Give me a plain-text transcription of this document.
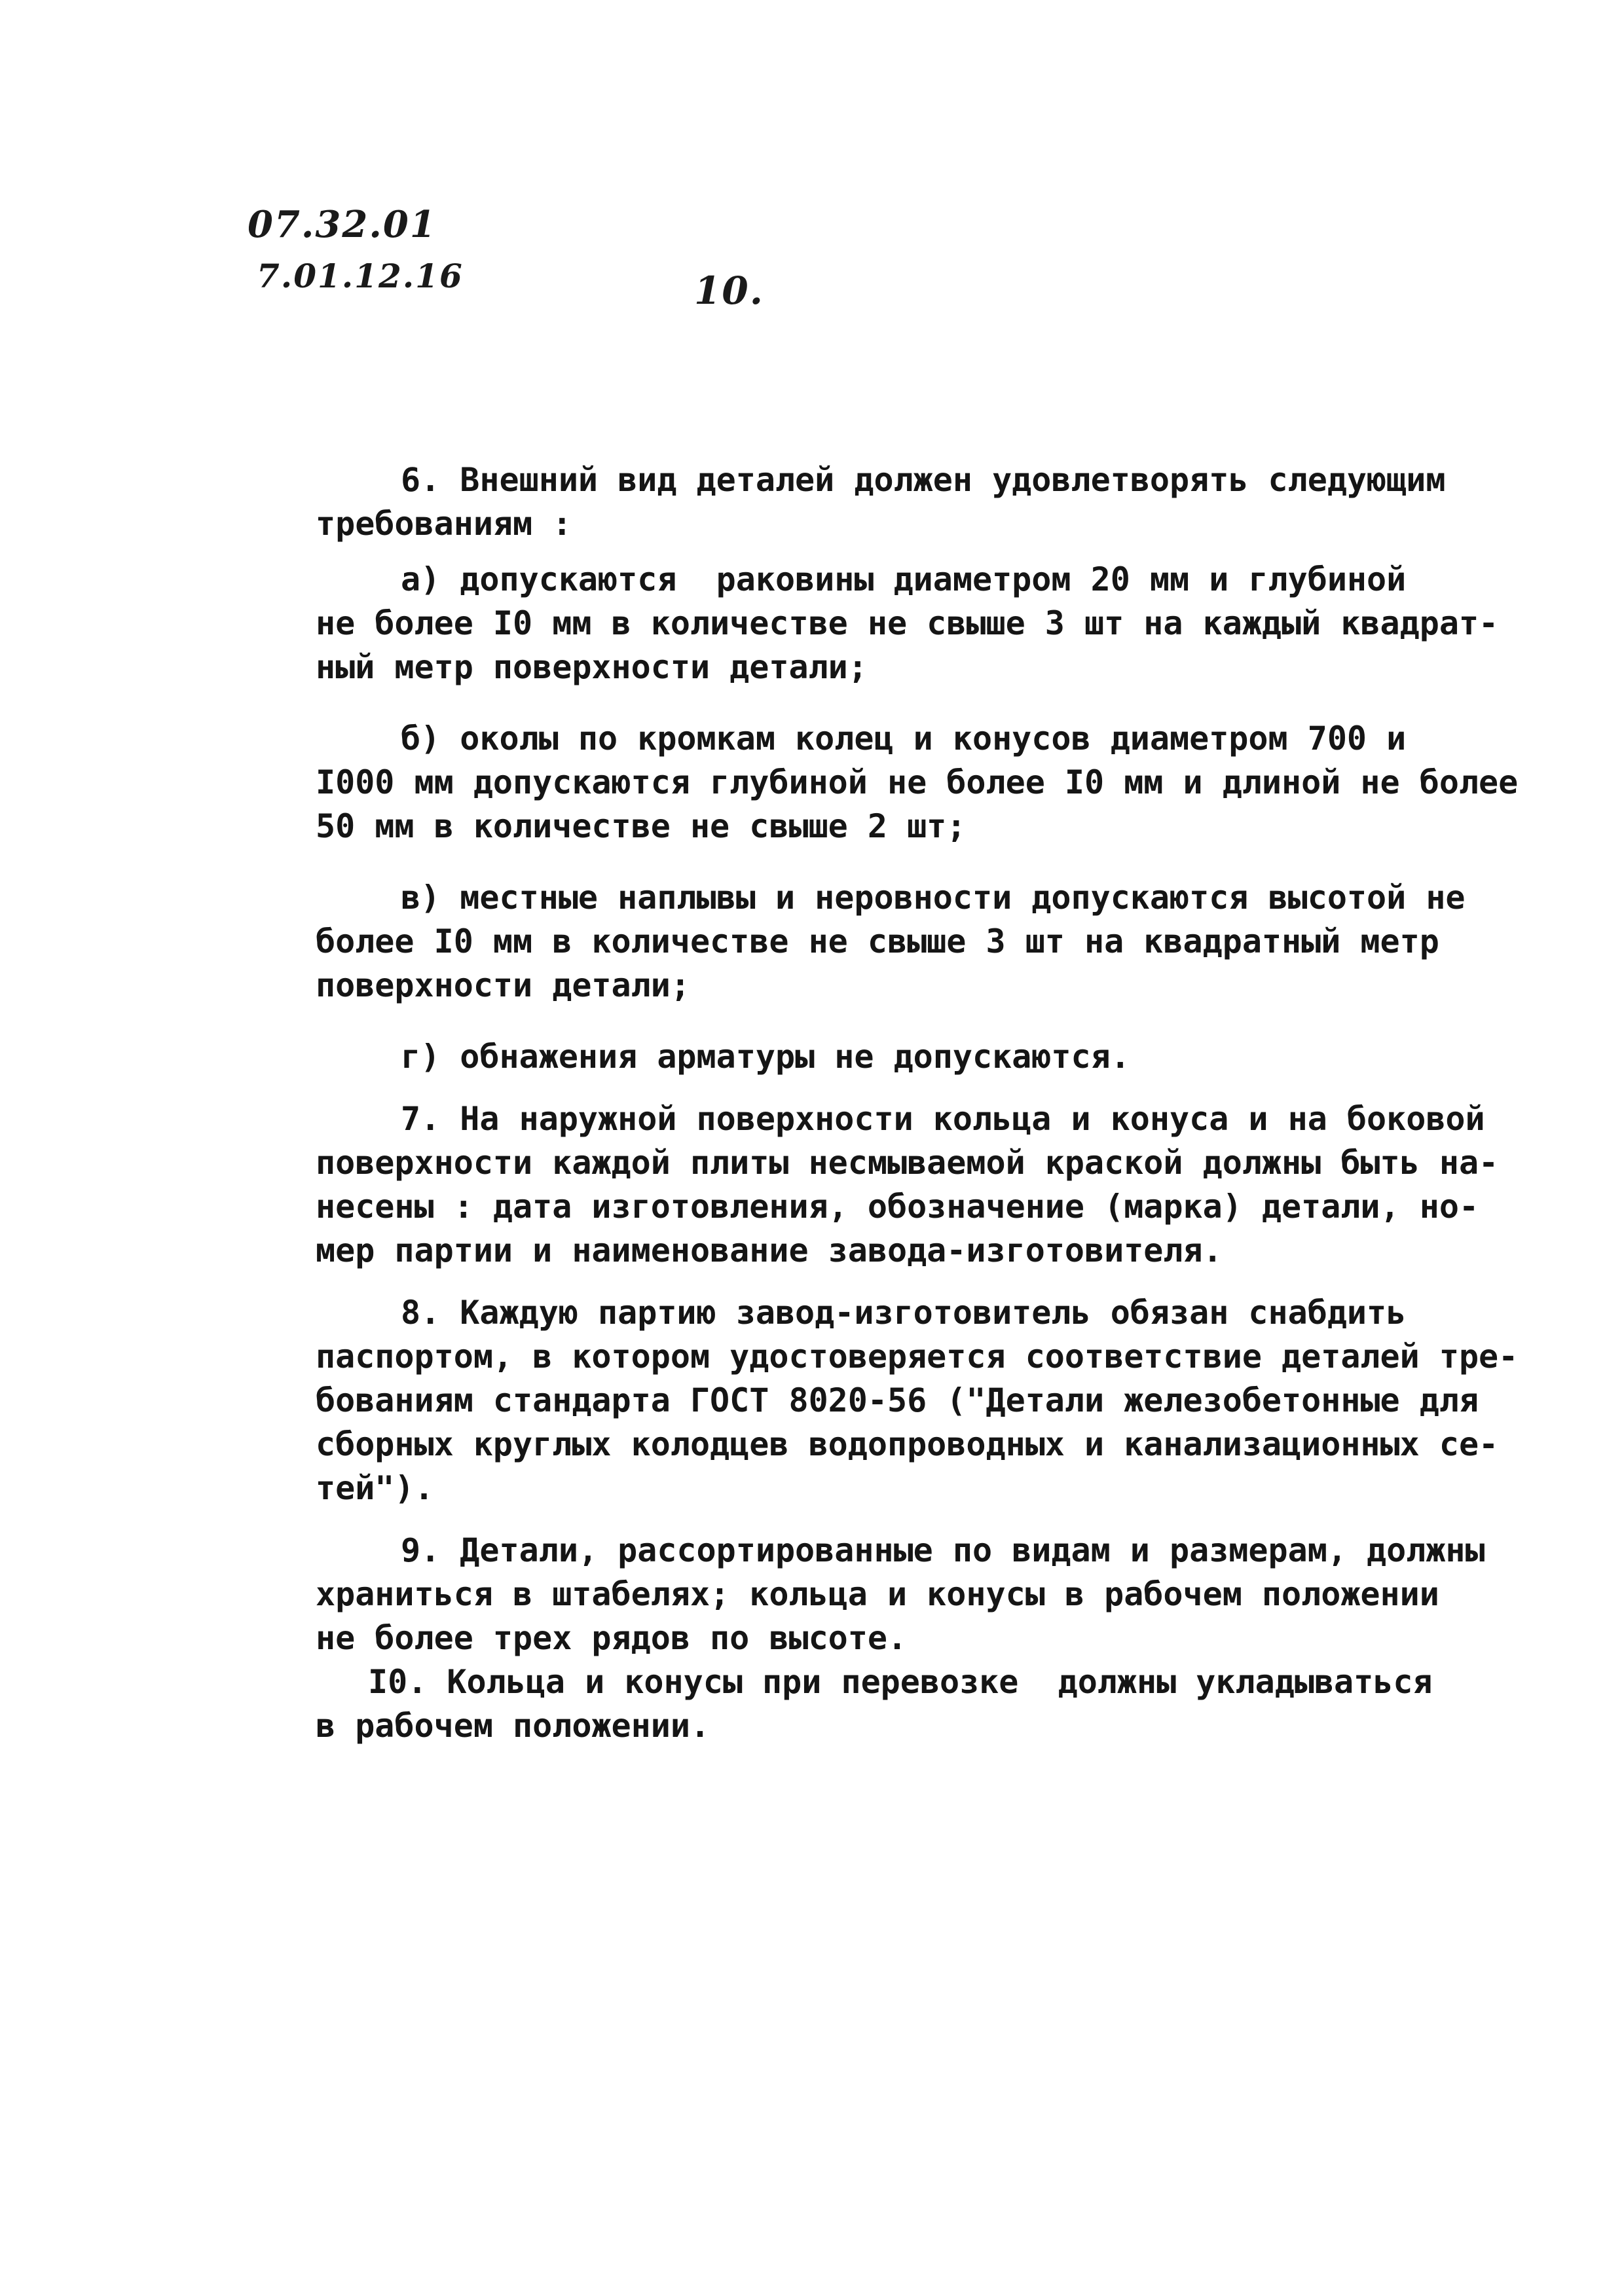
07.32.01
7.01.12.16	10.
6. Внешний вид деталей должен удовлетворять следующим
требованиям :
а) допускаются  раковины диаметром 20 мм и глубиной
не более I0 мм в количестве не свыше 3 шт на каждый квадрат-
ный метр поверхности детали;
б) околы по кромкам колец и конусов диаметром 700 и
I000 мм допускаются глубиной не более I0 мм и длиной не более
50 мм в количестве не свыше 2 шт;
в) местные наплывы и неровности допускаются высотой не
более I0 мм в количестве не свыше 3 шт на квадратный метр
поверхности детали;
г) обнажения арматуры не допускаются.
7. На наружной поверхности кольца и конуса и на боковой
поверхности каждой плиты несмываемой краской должны быть на-
несены : дата изготовления, обозначение (марка) детали, но-
мер партии и наименование завода-изготовителя.
8. Каждую партию завод-изготовитель обязан снабдить
паспортом, в котором удостоверяется соответствие деталей тре-
бованиям стандарта ГОСТ 8020-56 ("Детали железобетонные для
сборных круглых колодцев водопроводных и канализационных се-
тей").
9. Детали, рассортированные по видам и размерам, должны
храниться в штабелях; кольца и конусы в рабочем положении
не более трех рядов по высоте.
I0. Кольца и конусы при перевозке  должны укладываться
в рабочем положении.
